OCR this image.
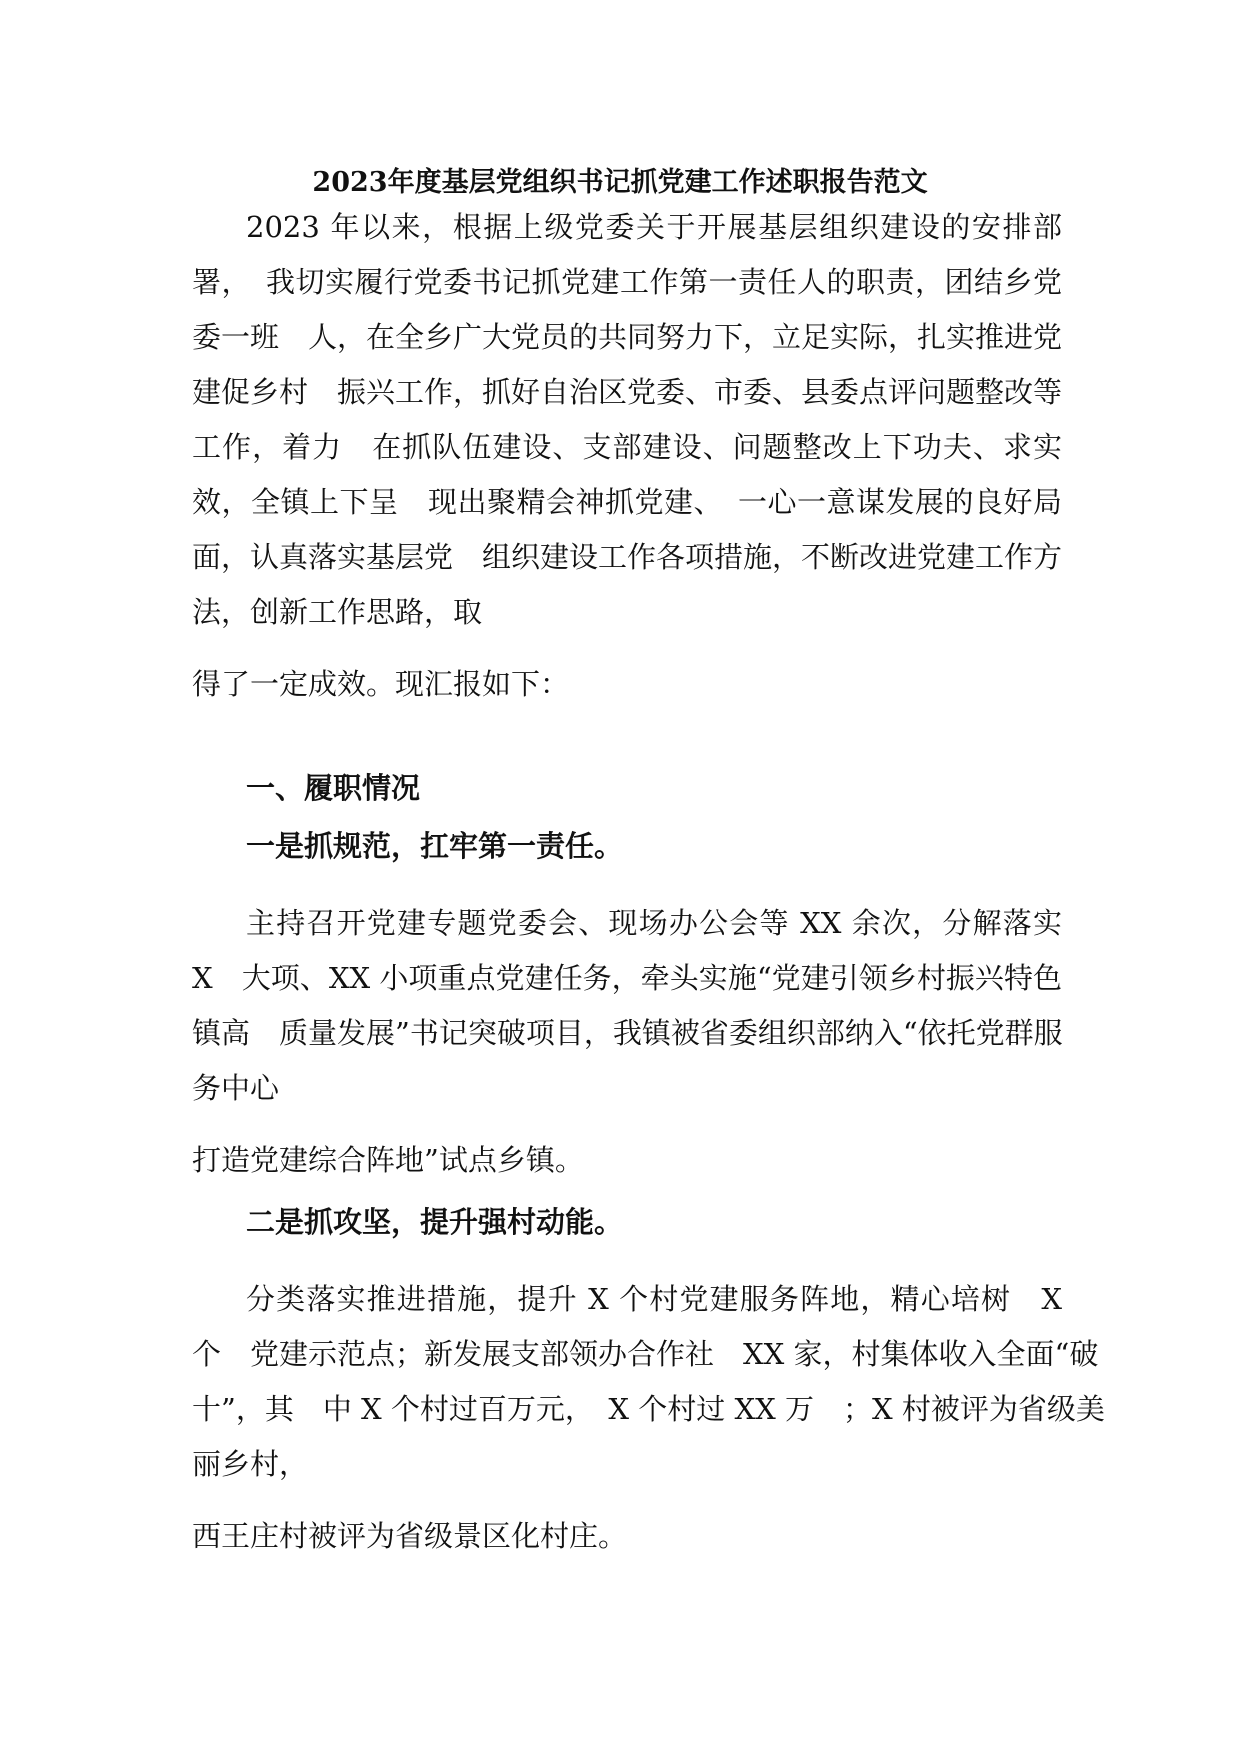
2023年度基层党组织书记抓党建工作述职报告范文
2023 年以来，根据上级党委关于开展基层组织建设的安排部
署，　我切实履行党委书记抓党建工作第一责任人的职责，团结乡党
委一班　人，在全乡广大党员的共同努力下，立足实际，扎实推进党
建促乡村　振兴工作，抓好自治区党委、市委、县委点评问题整改等
工作，着力　在抓队伍建设、支部建设、问题整改上下功夫、求实
效，全镇上下呈　现出聚精会神抓党建、　一心一意谋发展的良好局
面，认真落实基层党　组织建设工作各项措施，不断改进党建工作方
法，创新工作思路，取
得了一定成效。现汇报如下：
一、履职情况
一是抓规范，扛牢第一责任。
主持召开党建专题党委会、现场办公会等 XX 余次，分解落实
X　大项、XX 小项重点党建任务，牵头实施“党建引领乡村振兴特色
镇高　质量发展”书记突破项目，我镇被省委组织部纳入“依托党群服
务中心
打造党建综合阵地”试点乡镇。
二是抓攻坚，提升强村动能。
分类落实推进措施，提升 X 个村党建服务阵地，精心培树　X
个　党建示范点；新发展支部领办合作社　XX 家，村集体收入全面“破
十”，其　中 X 个村过百万元，　X 个村过 XX 万　；X 村被评为省级美
丽乡村，
西王庄村被评为省级景区化村庄。
